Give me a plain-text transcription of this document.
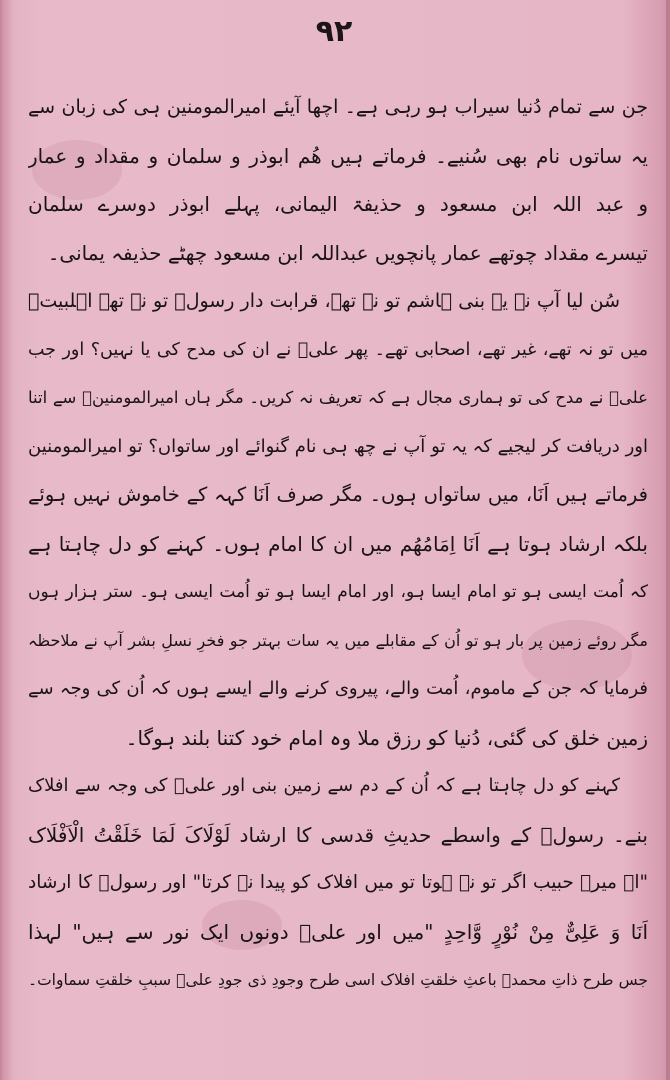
٩٢
جن سے تمام دُنیا سیراب ہو رہی ہے۔ اچھا آیئے امیرالمومنین ہی کی زبان سے
یہ ساتوں نام بھی سُنیے۔ فرماتے ہیں ھُم ابوذر و سلمان و مقداد و عمار
و عبد اللہ ابن مسعود و حذیفۃ الیمانی، پہلے ابوذر دوسرے سلمان
تیسرے مقداد چوتھے عمار پانچویں عبداللہ ابن مسعود چھٹے حذیفہ یمانی۔
سُن لیا آپ نے یہ بنی ہاشم تو نہ تھے، قرابت دار رسولؐ تو نہ تھے اہلبیتؑ
میں تو نہ تھے، غیر تھے، اصحابی تھے۔ پھر علیؑ نے ان کی مدح کی یا نہیں؟ اور جب
علیؑ نے مدح کی تو ہماری مجال ہے کہ تعریف نہ کریں۔ مگر ہاں امیرالمومنینؑ سے اتنا
اور دریافت کر لیجیے کہ یہ تو آپ نے چھ ہی نام گنوائے اور ساتواں؟ تو امیرالمومنین
فرماتے ہیں اَنَا، میں ساتواں ہوں۔ مگر صرف اَنَا کہہ کے خاموش نہیں ہوئے
بلکہ ارشاد ہوتا ہے اَنَا اِمَامُھُم میں ان کا امام ہوں۔ کہنے کو دل چاہتا ہے
کہ اُمت ایسی ہو تو امام ایسا ہو، اور امام ایسا ہو تو اُمت ایسی ہو۔ ستر ہزار ہوں
مگر روئے زمین پر بار ہو تو اُن کے مقابلے میں یہ سات بہتر جو فخرِ نسلِ بشر آپ نے ملاحظہ
فرمایا کہ جن کے ماموم، اُمت والے، پیروی کرنے والے ایسے ہوں کہ اُن کی وجہ سے
زمین خلق کی گئی، دُنیا کو رزق ملا وہ امام خود کتنا بلند ہوگا۔
کہنے کو دل چاہتا ہے کہ اُن کے دم سے زمین بنی اور علیؑ کی وجہ سے افلاک
بنے۔ رسولؐ کے واسطے حدیثِ قدسی کا ارشاد لَوْلَاکَ لَمَا خَلَقْتُ الْاَفْلَاک
"اے میرے حبیب اگر تو نہ ہوتا تو میں افلاک کو پیدا نہ کرتا" اور رسولؐ کا ارشاد
اَنَا وَ عَلِیٌّ مِنْ نُوْرٍ وَّاحِدٍ "میں اور علیؑ دونوں ایک نور سے ہیں" لہذا
جس طرح ذاتِ محمدؐ باعثِ خلقتِ افلاک اسی طرح وجودِ ذی جودِ علیؑ سببِ خلقتِ سماوات۔
